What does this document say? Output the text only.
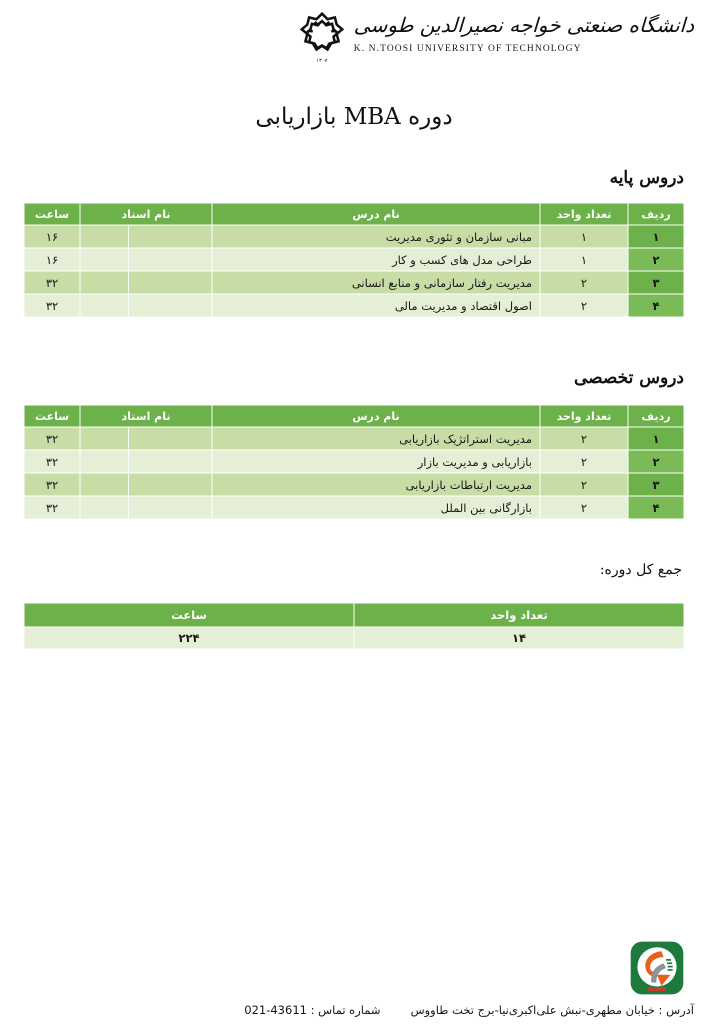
دانشگاه صنعتی خواجه نصیرالدین طوسی
K. N.TOOSI UNIVERSITY OF TECHNOLOGY
۱۳۰۷
دوره MBA بازاریابی
دروس پایه
ردیف	تعداد واحد	نام درس	نام استاد	ساعت
۱	۱	مبانی سازمان و تئوری مدیریت		۱۶
۲	۱	طراحی مدل های کسب و کار		۱۶
۳	۲	مدیریت رفتار سازمانی و منابع انسانی		۳۲
۴	۲	اصول اقتصاد و مدیریت مالی		۳۲
دروس تخصصی
ردیف	تعداد واحد	نام درس	نام استاد	ساعت
۱	۲	مدیریت استراتژیک بازاریابی		۳۲
۲	۲	بازاریابی و مدیریت بازار		۳۲
۳	۲	مدیریت ارتباطات بازاریابی		۳۲
۴	۲	بازارگانی بین الملل		۳۲
جمع کل دوره:
تعداد واحد	ساعت
۱۴	۲۲۴
آدرس : خیابان مطهری-نبش علی‌اکبری‌نیا-برج تخت طاووس
شماره تماس : 021-43611
